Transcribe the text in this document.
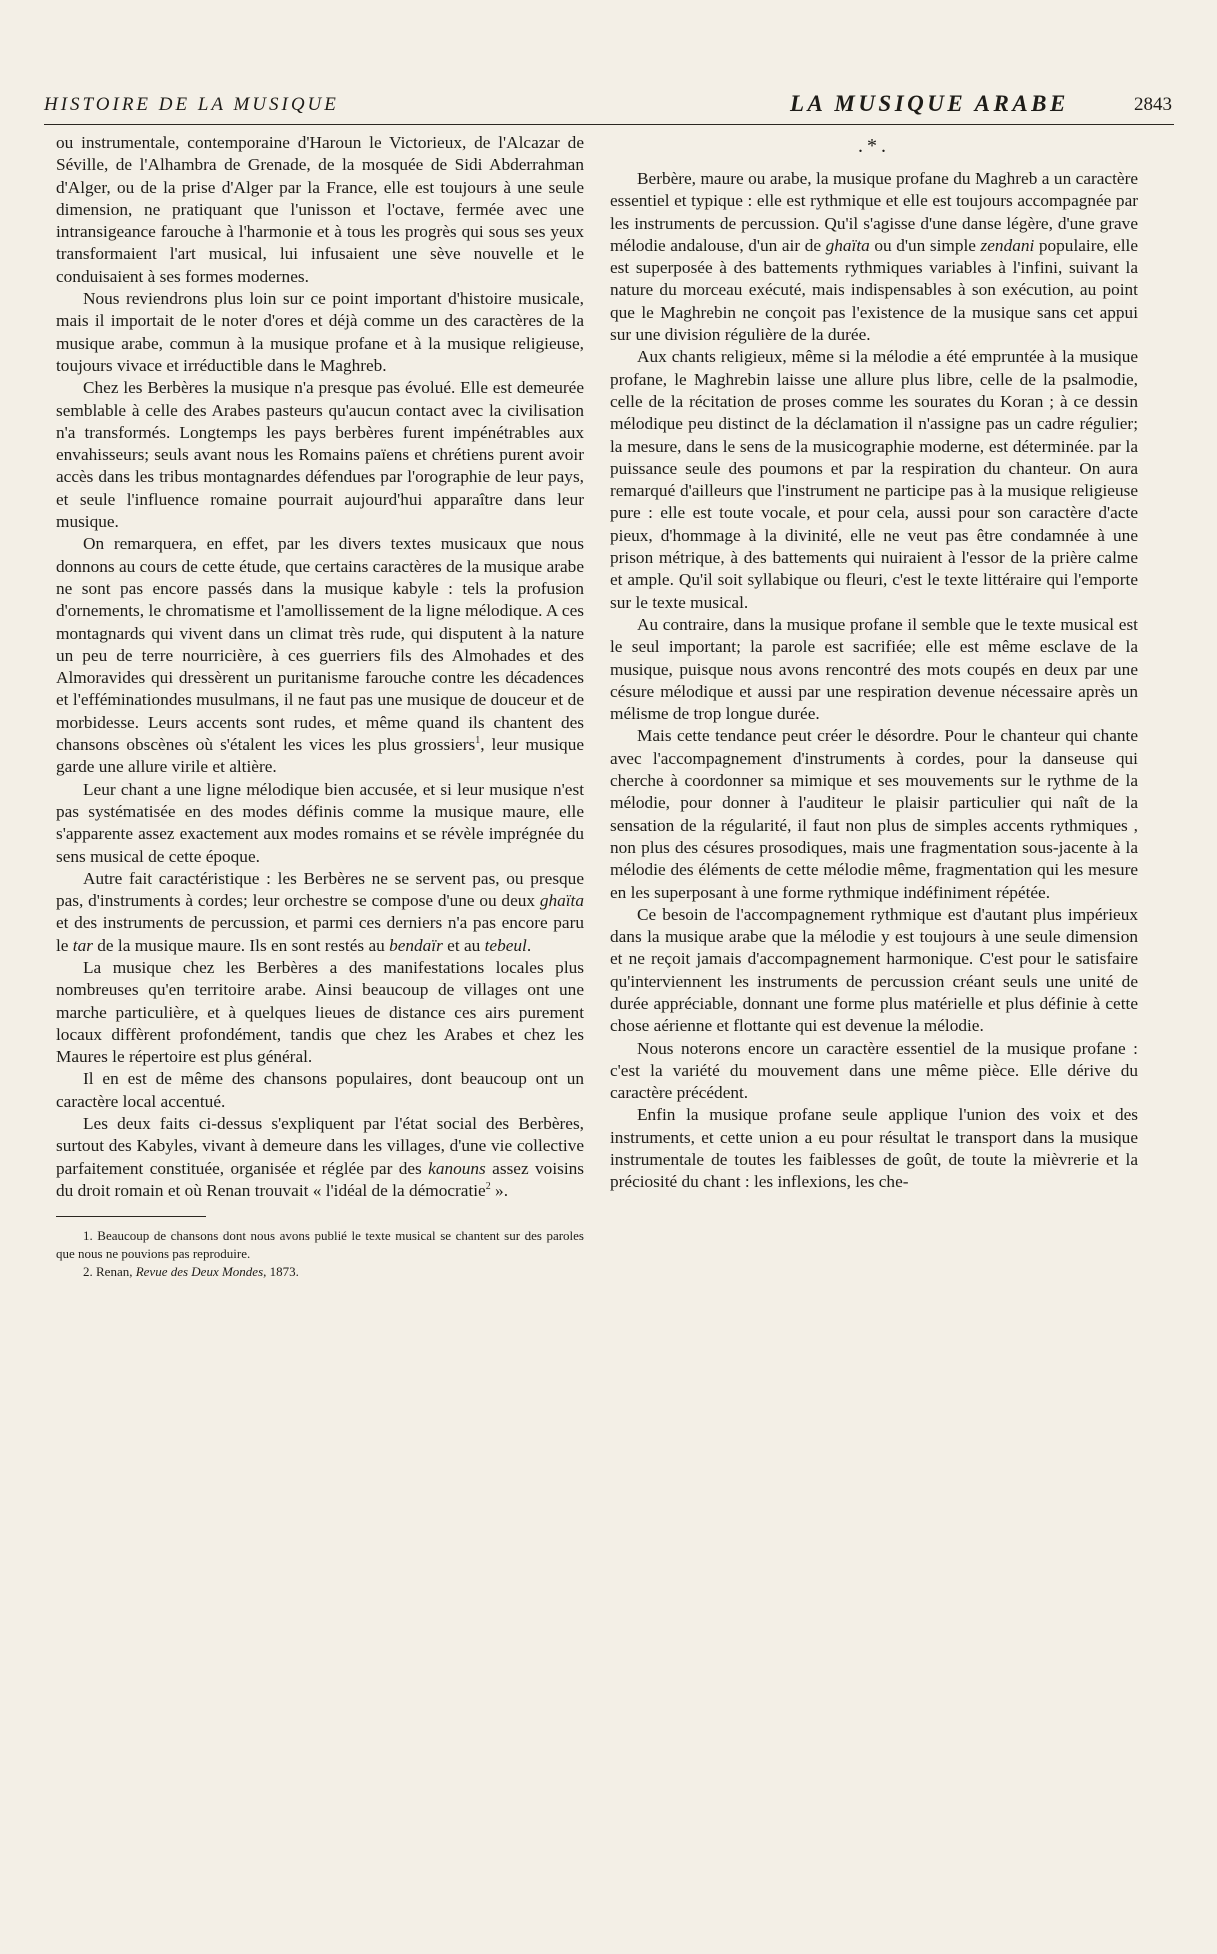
HISTOIRE DE LA MUSIQUE	LA MUSIQUE ARABE	2843

ou instrumentale, contemporaine d'Haroun le Victorieux, de l'Alcazar de Séville, de l'Alhambra de Grenade, de la mosquée de Sidi Abderrahman d'Alger, ou de la prise d'Alger par la France, elle est toujours à une seule dimension, ne pratiquant que l'unisson et l'octave, fermée avec une intransigeance farouche à l'harmonie et à tous les progrès qui sous ses yeux transformaient l'art musical, lui infusaient une sève nouvelle et le conduisaient à ses formes modernes.

Nous reviendrons plus loin sur ce point important d'histoire musicale, mais il importait de le noter d'ores et déjà comme un des caractères de la musique arabe, commun à la musique profane et à la musique religieuse, toujours vivace et irréductible dans le Maghreb.

Chez les Berbères la musique n'a presque pas évolué. Elle est demeurée semblable à celle des Arabes pasteurs qu'aucun contact avec la civilisation n'a transformés. Longtemps les pays berbères furent impénétrables aux envahisseurs; seuls avant nous les Romains païens et chrétiens purent avoir accès dans les tribus montagnardes défendues par l'orographie de leur pays, et seule l'influence romaine pourrait aujourd'hui apparaître dans leur musique.

On remarquera, en effet, par les divers textes musicaux que nous donnons au cours de cette étude, que certains caractères de la musique arabe ne sont pas encore passés dans la musique kabyle : tels la profusion d'ornements, le chromatisme et l'amollissement de la ligne mélodique. A ces montagnards qui vivent dans un climat très rude, qui disputent à la nature un peu de terre nourricière, à ces guerriers fils des Almohades et des Almoravides qui dressèrent un puritanisme farouche contre les décadences et l'efféminationdes musulmans, il ne faut pas une musique de douceur et de morbidesse. Leurs accents sont rudes, et même quand ils chantent des chansons obscènes où s'étalent les vices les plus grossiers$^1$, leur musique garde une allure virile et altière.

Leur chant a une ligne mélodique bien accusée, et si leur musique n'est pas systématisée en des modes définis comme la musique maure, elle s'apparente assez exactement aux modes romains et se révèle imprégnée du sens musical de cette époque.

Autre fait caractéristique : les Berbères ne se servent pas, ou presque pas, d'instruments à cordes; leur orchestre se compose d'une ou deux ghaïta et des instruments de percussion, et parmi ces derniers n'a pas encore paru le tar de la musique maure. Ils en sont restés au bendaïr et au tebeul.

La musique chez les Berbères a des manifestations locales plus nombreuses qu'en territoire arabe. Ainsi beaucoup de villages ont une marche particulière, et à quelques lieues de distance ces airs purement locaux diffèrent profondément, tandis que chez les Arabes et chez les Maures le répertoire est plus général.

Il en est de même des chansons populaires, dont beaucoup ont un caractère local accentué.

Les deux faits ci-dessus s'expliquent par l'état social des Berbères, surtout des Kabyles, vivant à demeure dans les villages, d'une vie collective parfaitement constituée, organisée et réglée par des kanouns assez voisins du droit romain et où Renan trouvait « l'idéal de la démocratie$^2$ ».

1. Beaucoup de chansons dont nous avons publié le texte musical se chantent sur des paroles que nous ne pouvions pas reproduire.

2. Renan, Revue des Deux Mondes, 1873.

.*.

Berbère, maure ou arabe, la musique profane du Maghreb a un caractère essentiel et typique : elle est rythmique et elle est toujours accompagnée par les instruments de percussion. Qu'il s'agisse d'une danse légère, d'une grave mélodie andalouse, d'un air de ghaïta ou d'un simple zendani populaire, elle est superposée à des battements rythmiques variables à l'infini, suivant la nature du morceau exécuté, mais indispensables à son exécution, au point que le Maghrebin ne conçoit pas l'existence de la musique sans cet appui sur une division régulière de la durée.

Aux chants religieux, même si la mélodie a été empruntée à la musique profane, le Maghrebin laisse une allure plus libre, celle de la psalmodie, celle de la récitation de proses comme les sourates du Koran ; à ce dessin mélodique peu distinct de la déclamation il n'assigne pas un cadre régulier; la mesure, dans le sens de la musicographie moderne, est déterminée. par la puissance seule des poumons et par la respiration du chanteur. On aura remarqué d'ailleurs que l'instrument ne participe pas à la musique religieuse pure : elle est toute vocale, et pour cela, aussi pour son caractère d'acte pieux, d'hommage à la divinité, elle ne veut pas être condamnée à une prison métrique, à des battements qui nuiraient à l'essor de la prière calme et ample. Qu'il soit syllabique ou fleuri, c'est le texte littéraire qui l'emporte sur le texte musical.

Au contraire, dans la musique profane il semble que le texte musical est le seul important; la parole est sacrifiée; elle est même esclave de la musique, puisque nous avons rencontré des mots coupés en deux par une césure mélodique et aussi par une respiration devenue nécessaire après un mélisme de trop longue durée.

Mais cette tendance peut créer le désordre. Pour le chanteur qui chante avec l'accompagnement d'instruments à cordes, pour la danseuse qui cherche à coordonner sa mimique et ses mouvements sur le rythme de la mélodie, pour donner à l'auditeur le plaisir particulier qui naît de la sensation de la régularité, il faut non plus de simples accents rythmiques , non plus des césures prosodiques, mais une fragmentation sous-jacente à la mélodie des éléments de cette mélodie même, fragmentation qui les mesure en les superposant à une forme rythmique indéfiniment répétée.

Ce besoin de l'accompagnement rythmique est d'autant plus impérieux dans la musique arabe que la mélodie y est toujours à une seule dimension et ne reçoit jamais d'accompagnement harmonique. C'est pour le satisfaire qu'interviennent les instruments de percussion créant seuls une unité de durée appréciable, donnant une forme plus matérielle et plus définie à cette chose aérienne et flottante qui est devenue la mélodie.

Nous noterons encore un caractère essentiel de la musique profane : c'est la variété du mouvement dans une même pièce. Elle dérive du caractère précédent.

Enfin la musique profane seule applique l'union des voix et des instruments, et cette union a eu pour résultat le transport dans la musique instrumentale de toutes les faiblesses de goût, de toute la mièvrerie et la préciosité du chant : les inflexions, les che-
